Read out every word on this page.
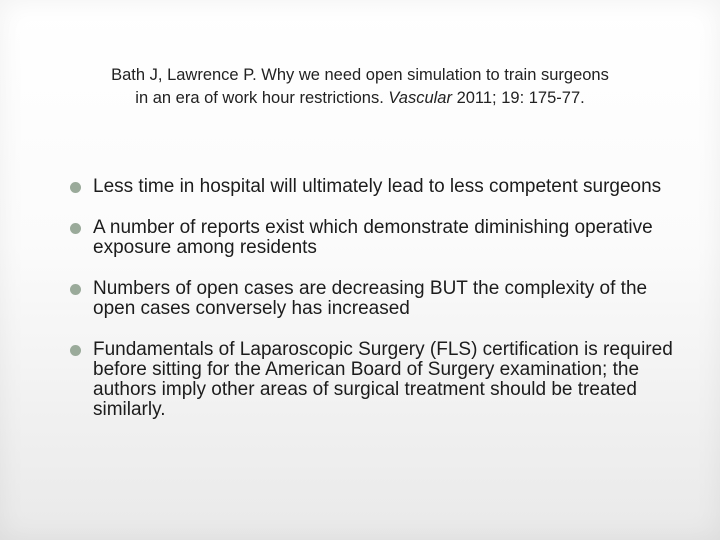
Bath J, Lawrence P. Why we need open simulation to train surgeons
in an era of work hour restrictions. Vascular 2011; 19: 175-77.
Less time in hospital will ultimately lead to less competent surgeons
A number of reports exist which demonstrate diminishing operative exposure among residents
Numbers of open cases are decreasing BUT the complexity of the open cases conversely has increased
Fundamentals of Laparoscopic Surgery (FLS) certification is required before sitting for the American Board of Surgery examination; the authors imply other areas of surgical treatment should be treated similarly.
